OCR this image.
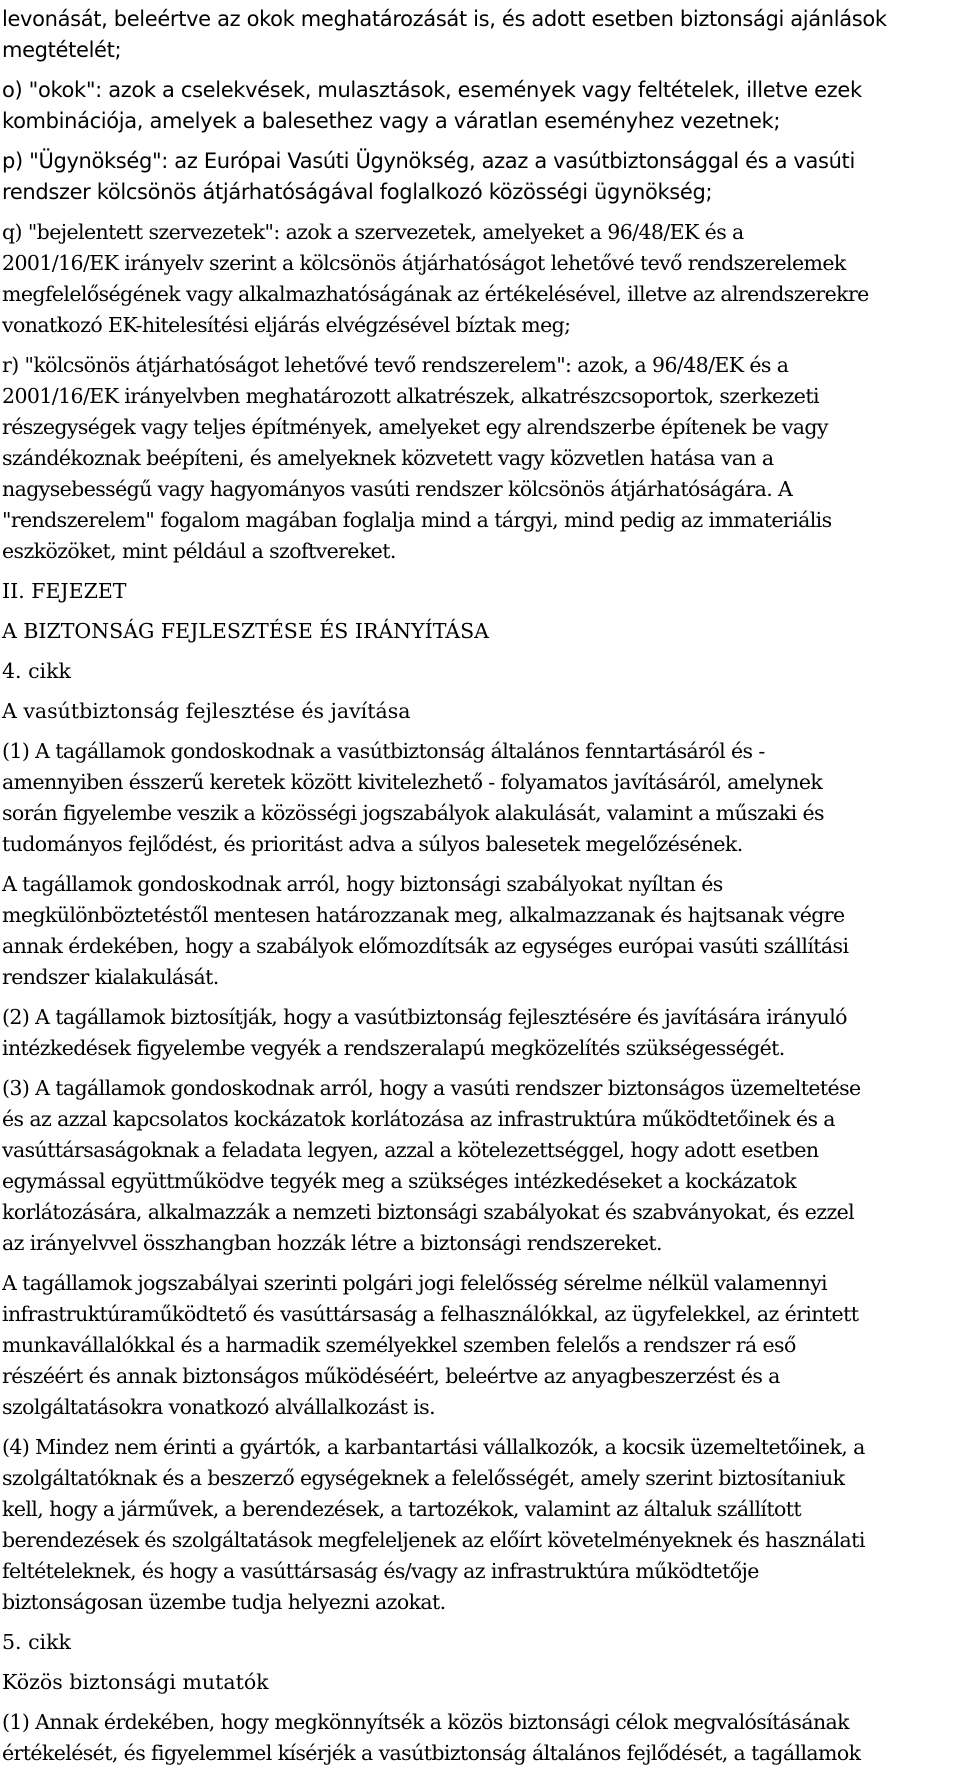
levonását, beleértve az okok meghatározását is, és adott esetben biztonsági ajánlások
megtételét;
o) "okok": azok a cselekvések, mulasztások, események vagy feltételek, illetve ezek
kombinációja, amelyek a balesethez vagy a váratlan eseményhez vezetnek;
p) "Ügynökség": az Európai Vasúti Ügynökség, azaz a vasútbiztonsággal és a vasúti
rendszer kölcsönös átjárhatóságával foglalkozó közösségi ügynökség;
q) "bejelentett szervezetek": azok a szervezetek, amelyeket a 96/48/EK és a
2001/16/EK irányelv szerint a kölcsönös átjárhatóságot lehetővé tevő rendszerelemek
megfelelőségének vagy alkalmazhatóságának az értékelésével, illetve az alrendszerekre
vonatkozó EK-hitelesítési eljárás elvégzésével bíztak meg;
r) "kölcsönös átjárhatóságot lehetővé tevő rendszerelem": azok, a 96/48/EK és a
2001/16/EK irányelvben meghatározott alkatrészek, alkatrészcsoportok, szerkezeti
részegységek vagy teljes építmények, amelyeket egy alrendszerbe építenek be vagy
szándékoznak beépíteni, és amelyeknek közvetett vagy közvetlen hatása van a
nagysebességű vagy hagyományos vasúti rendszer kölcsönös átjárhatóságára. A
"rendszerelem" fogalom magában foglalja mind a tárgyi, mind pedig az immateriális
eszközöket, mint például a szoftvereket.
II. FEJEZET
A BIZTONSÁG FEJLESZTÉSE ÉS IRÁNYÍTÁSA
4. cikk
A vasútbiztonság fejlesztése és javítása
(1) A tagállamok gondoskodnak a vasútbiztonság általános fenntartásáról és -
amennyiben ésszerű keretek között kivitelezhető - folyamatos javításáról, amelynek
során figyelembe veszik a közösségi jogszabályok alakulását, valamint a műszaki és
tudományos fejlődést, és prioritást adva a súlyos balesetek megelőzésének.
A tagállamok gondoskodnak arról, hogy biztonsági szabályokat nyíltan és
megkülönböztetéstől mentesen határozzanak meg, alkalmazzanak és hajtsanak végre
annak érdekében, hogy a szabályok előmozdítsák az egységes európai vasúti szállítási
rendszer kialakulását.
(2) A tagállamok biztosítják, hogy a vasútbiztonság fejlesztésére és javítására irányuló
intézkedések figyelembe vegyék a rendszeralapú megközelítés szükségességét.
(3) A tagállamok gondoskodnak arról, hogy a vasúti rendszer biztonságos üzemeltetése
és az azzal kapcsolatos kockázatok korlátozása az infrastruktúra működtetőinek és a
vasúttársaságoknak a feladata legyen, azzal a kötelezettséggel, hogy adott esetben
egymással együttműködve tegyék meg a szükséges intézkedéseket a kockázatok
korlátozására, alkalmazzák a nemzeti biztonsági szabályokat és szabványokat, és ezzel
az irányelvvel összhangban hozzák létre a biztonsági rendszereket.
A tagállamok jogszabályai szerinti polgári jogi felelősség sérelme nélkül valamennyi
infrastruktúraműködtető és vasúttársaság a felhasználókkal, az ügyfelekkel, az érintett
munkavállalókkal és a harmadik személyekkel szemben felelős a rendszer rá eső
részéért és annak biztonságos működéséért, beleértve az anyagbeszerzést és a
szolgáltatásokra vonatkozó alvállalkozást is.
(4) Mindez nem érinti a gyártók, a karbantartási vállalkozók, a kocsik üzemeltetőinek, a
szolgáltatóknak és a beszerző egységeknek a felelősségét, amely szerint biztosítaniuk
kell, hogy a járművek, a berendezések, a tartozékok, valamint az általuk szállított
berendezések és szolgáltatások megfeleljenek az előírt követelményeknek és használati
feltételeknek, és hogy a vasúttársaság és/vagy az infrastruktúra működtetője
biztonságosan üzembe tudja helyezni azokat.
5. cikk
Közös biztonsági mutatók
(1) Annak érdekében, hogy megkönnyítsék a közös biztonsági célok megvalósításának
értékelését, és figyelemmel kísérjék a vasútbiztonság általános fejlődését, a tagállamok
